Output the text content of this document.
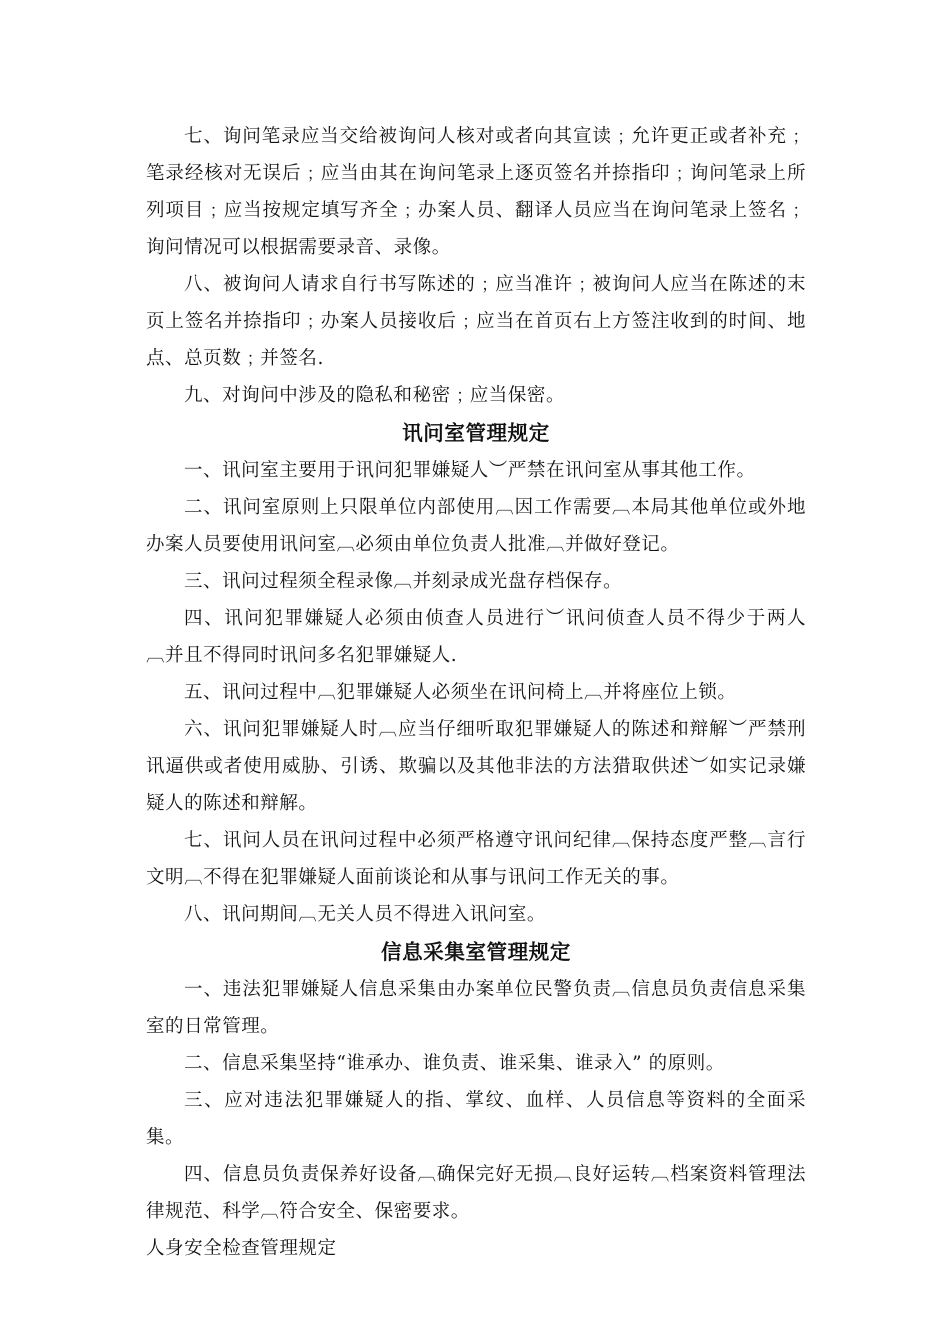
七、询问笔录应当交给被询问人核对或者向其宣读﹔允许更正或者补充﹔笔录经核对无误后﹔应当由其在询问笔录上逐页签名并捺指印﹔询问笔录上所列项目﹔应当按规定填写齐全﹔办案人员、翻译人员应当在询问笔录上签名﹔询问情况可以根据需要录音、录像。

八、被询问人请求自行书写陈述的﹔应当准许﹔被询问人应当在陈述的末页上签名并捺指印﹔办案人员接收后﹔应当在首页右上方签注收到的时间、地点、总页数﹔并签名.

九、对询问中涉及的隐私和秘密﹔应当保密。

讯问室管理规定

一、讯问室主要用于讯问犯罪嫌疑人︶严禁在讯问室从事其他工作。

二、讯问室原则上只限单位内部使用︹因工作需要︹本局其他单位或外地办案人员要使用讯问室︹必须由单位负责人批准︹并做好登记。

三、讯问过程须全程录像︹并刻录成光盘存档保存。

四、讯问犯罪嫌疑人必须由侦查人员进行︶讯问侦查人员不得少于两人︹并且不得同时讯问多名犯罪嫌疑人.

五、讯问过程中︹犯罪嫌疑人必须坐在讯问椅上︹并将座位上锁。

六、讯问犯罪嫌疑人时︹应当仔细听取犯罪嫌疑人的陈述和辩解︶严禁刑讯逼供或者使用威胁、引诱、欺骗以及其他非法的方法猎取供述︶如实记录嫌疑人的陈述和辩解。

七、讯问人员在讯问过程中必须严格遵守讯问纪律︹保持态度严整︹言行文明︹不得在犯罪嫌疑人面前谈论和从事与讯问工作无关的事。

八、讯问期间︹无关人员不得进入讯问室。

信息采集室管理规定

一、违法犯罪嫌疑人信息采集由办案单位民警负责︹信息员负责信息采集室的日常管理。

二、信息采集坚持“谁承办、谁负责、谁采集、谁录入” 的原则。

三、应对违法犯罪嫌疑人的指、掌纹、血样、人员信息等资料的全面采集。

四、信息员负责保养好设备︹确保完好无损︹良好运转︹档案资料管理法律规范、科学︹符合安全、保密要求。

人身安全检查管理规定
